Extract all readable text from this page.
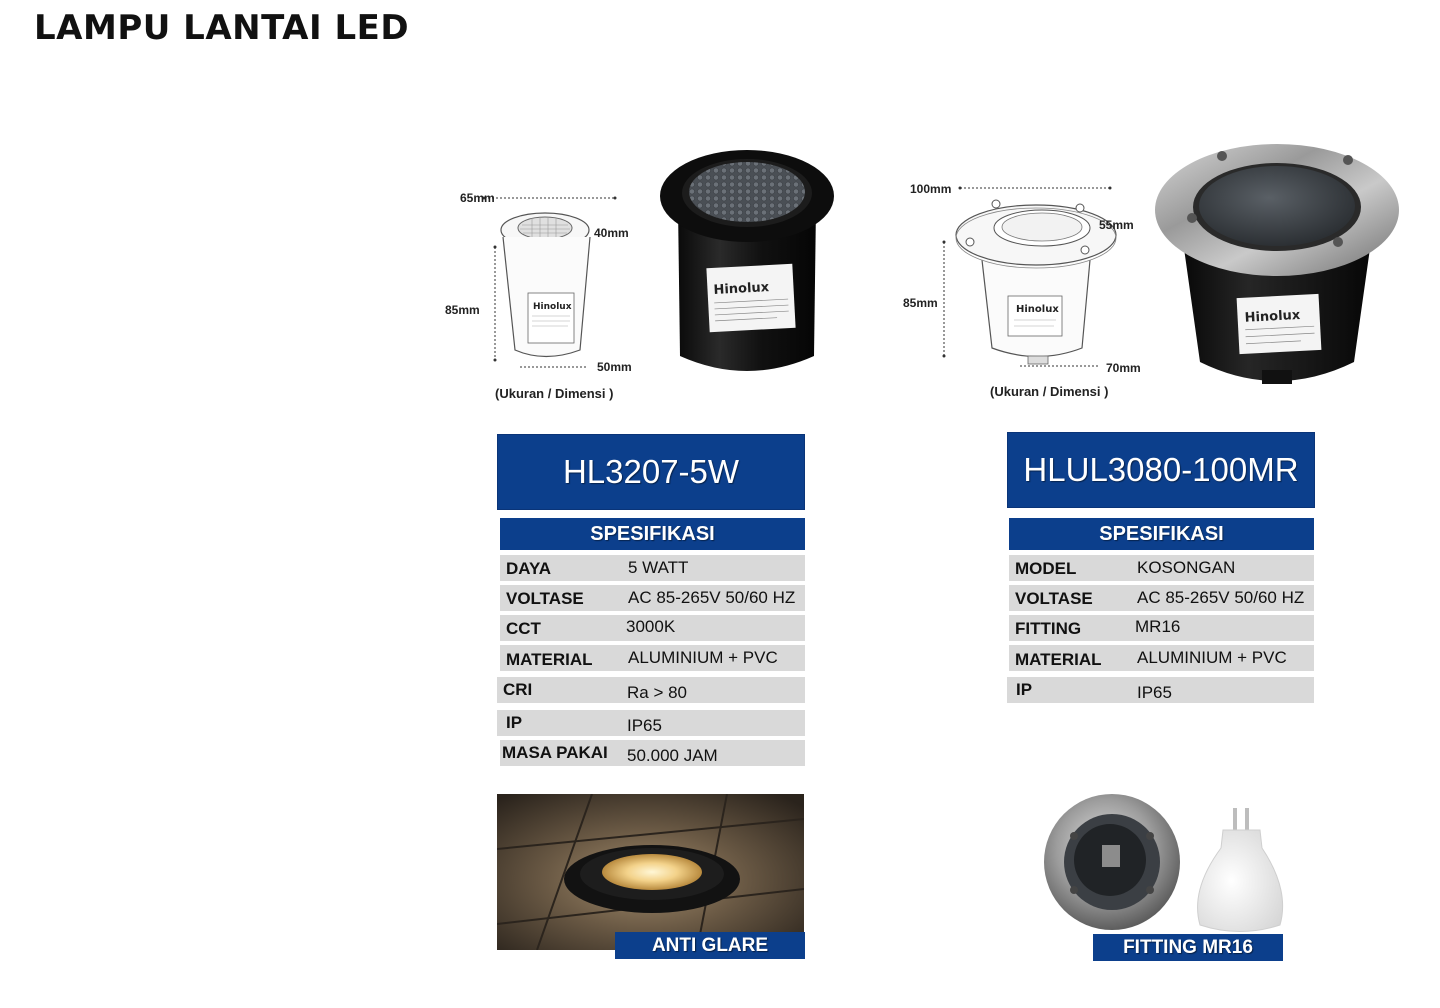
LAMPU LANTAI LED
Hinolux
65mm
40mm
85mm
50mm
(Ukuran / Dimensi )
Hinolux
HL3207-5W
SPESIFIKASI
DAYA	5 WATT
VOLTASE	AC 85-265V 50/60 HZ
CCT	3000K
MATERIAL ALUMINIUM + PVC
CRI	Ra > 80
IP	IP65
MASA PAKAI 50.000 JAM
ANTI GLARE
Hinolux
100mm
55mm
85mm
70mm
(Ukuran / Dimensi )
Hinolux
HLUL3080-100MR
SPESIFIKASI
MODEL	KOSONGAN
VOLTASE	AC 85-265V 50/60 HZ
FITTING	MR16
MATERIAL ALUMINIUM + PVC
IP	IP65
FITTING MR16
